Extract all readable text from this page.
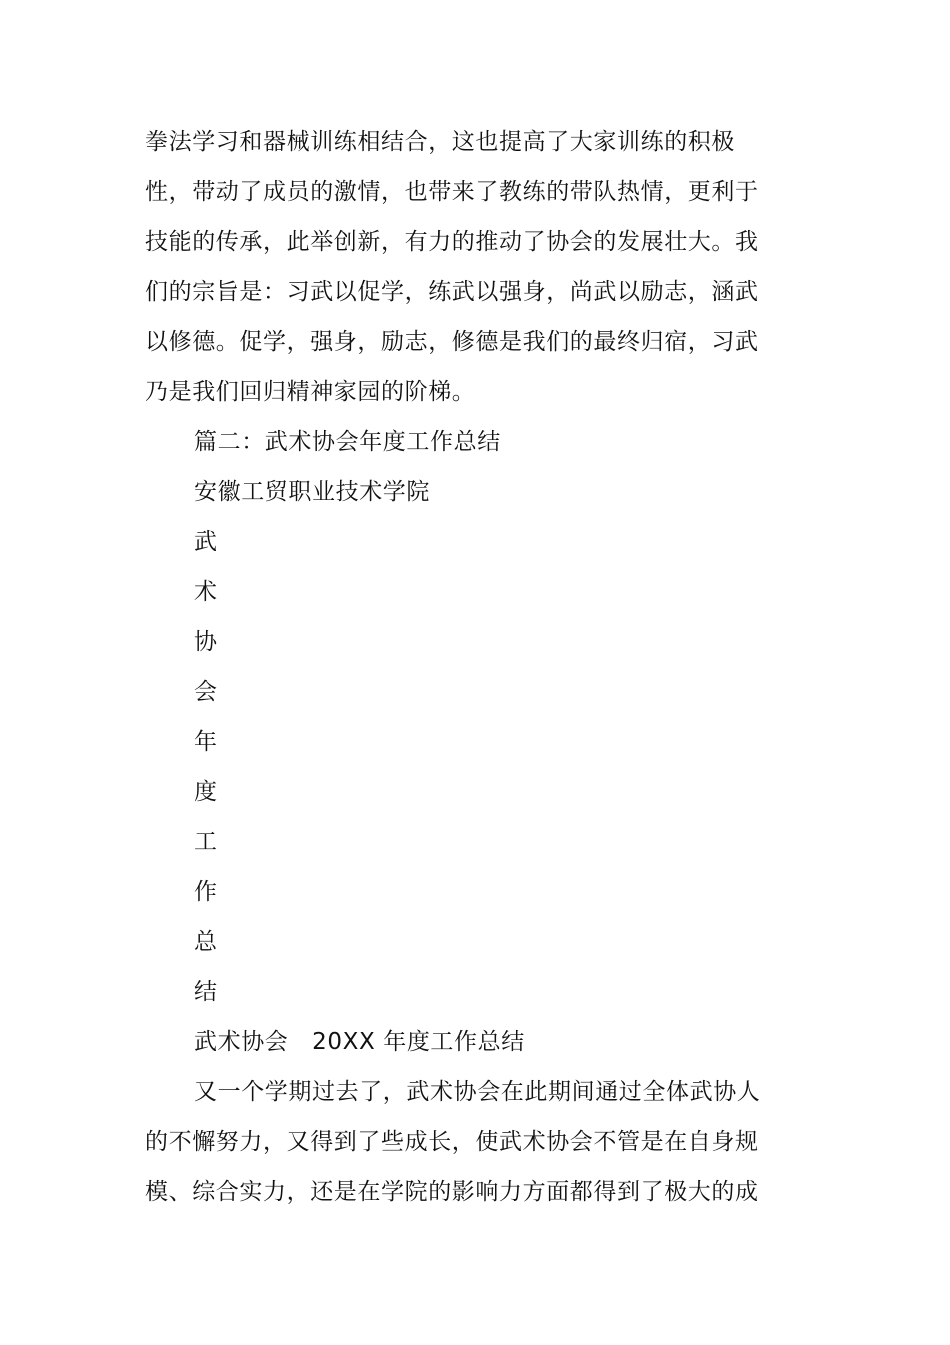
拳法学习和器械训练相结合，这也提高了大家训练的积极
性，带动了成员的激情，也带来了教练的带队热情，更利于
技能的传承，此举创新，有力的推动了协会的发展壮大。我
们的宗旨是：习武以促学，练武以强身，尚武以励志，涵武
以修德。促学，强身，励志，修德是我们的最终归宿，习武
乃是我们回归精神家园的阶梯。
篇二：武术协会年度工作总结
安徽工贸职业技术学院
武
术
协
会
年
度
工
作
总
结
武术协会   20XX 年度工作总结
又一个学期过去了，武术协会在此期间通过全体武协人
的不懈努力，又得到了些成长，使武术协会不管是在自身规
模、综合实力，还是在学院的影响力方面都得到了极大的成
